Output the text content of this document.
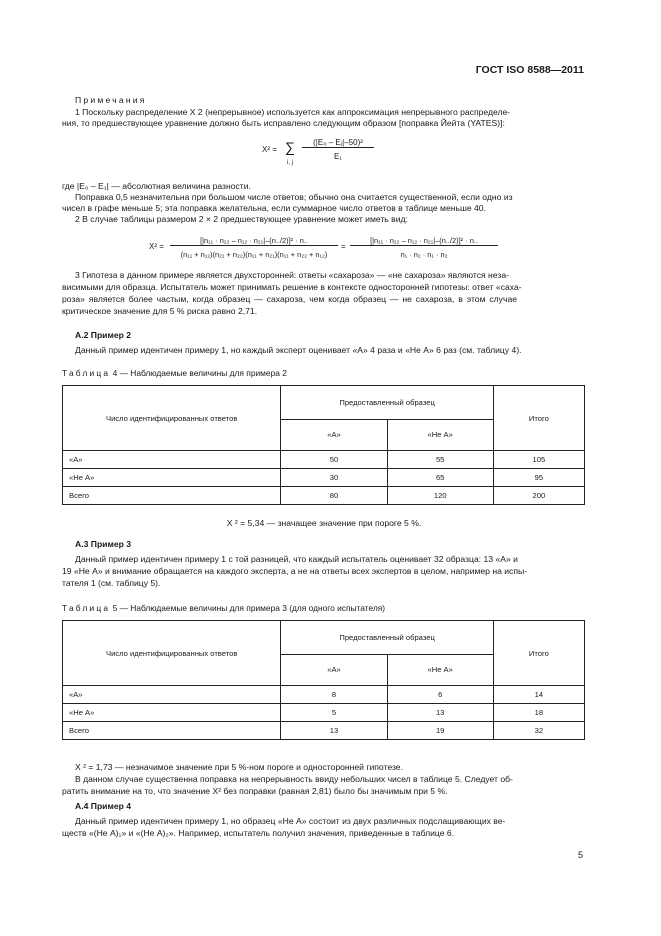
ГОСТ ISO 8588—2011

Примечания

1 Поскольку распределение X 2 (непрерывное) используется как аппроксимация непрерывного распределе-

ния, то предшествующее уравнение должно быть исправлено следующим образом [поправка Йейта (YATES)]:

X² = ∑
i, j
(|E₀ – Eⱼ|–50)²
E₁

где |E₀ – E₁| — абсолютная величина разности.

Поправка 0,5 незначительна при большом числе ответов; обычно она считается существенной, если одно из

чисел в графе меньше 5; эта поправка желательна, если суммарное число ответов в таблице меньше 40.

2 В случае таблицы размером 2 × 2 предшествующее уравнение может иметь вид:

X² =
[|n₁₁ · n₂₂ – n₁₂ · n₂₁|–(n../2)]² · n..
(n₁₁ + n₁₂)(n₂₁ + n₂₂)(n₁₁ + n₂₁)(n₁₁ + n₂₂ + n₁₂)
=
[|n₁₁ · n₂₂ – n₁₂ · n₂₁|–(n../2)]² · n..
n₁ · n₂ · n₁ · n₂

3 Гипотеза в данном примере является двухсторонней: ответы «сахароза» — «не сахароза» являются неза-

висимыми для образца. Испытатель может принимать решение в контексте односторонней гипотезы: ответ «саха-

роза» является более частым, когда образец — сахароза, чем когда образец — не сахароза, в этом случае

критическое значение для 5 % риска равно 2,71.

А.2 Пример 2

Данный пример идентичен примеру 1, но каждый эксперт оценивает «А» 4 раза и «Не А» 6 раз (см. таблицу 4).

Таблица 4 — Наблюдаемые величины для примера 2
Число идентифицированных ответов	Предоставленный образец		Итого
	«А»	«Не А»	
«А»	50	55	105
«Не А»	30	65	95
Всего	80	120	200

X ² = 5,34 — значащее значение при пороге 5 %.

А.3 Пример 3

Данный пример идентичен примеру 1 с той разницей, что каждый испытатель оценивает 32 образца: 13 «А» и

19 «Не А» и внимание обращается на каждого эксперта, а не на ответы всех экспертов в целом, например на испы-

тателя 1 (см. таблицу 5).

Таблица 5 — Наблюдаемые величины для примера 3 (для одного испытателя)
Число идентифицированных ответов	Предоставленный образец		Итого
	«А»	«Не А»	
«А»	8	6	14
«Не А»	5	13	18
Всего	13	19	32

X ² = 1,73 — незначимое значение при 5 %-ном пороге и односторонней гипотезе.

В данном случае существенна поправка на непрерывность ввиду небольших чисел в таблице 5. Следует об-

ратить внимание на то, что значение X² без поправки (равная 2,81) было бы значимым при 5 %.

А.4 Пример 4

Данный пример идентичен примеру 1, но образец «Не А» состоит из двух различных подслащивающих ве-

ществ «(Не А)₁» и «(Не А)₂». Например, испытатель получил значения, приведенные в таблице 6.

5
